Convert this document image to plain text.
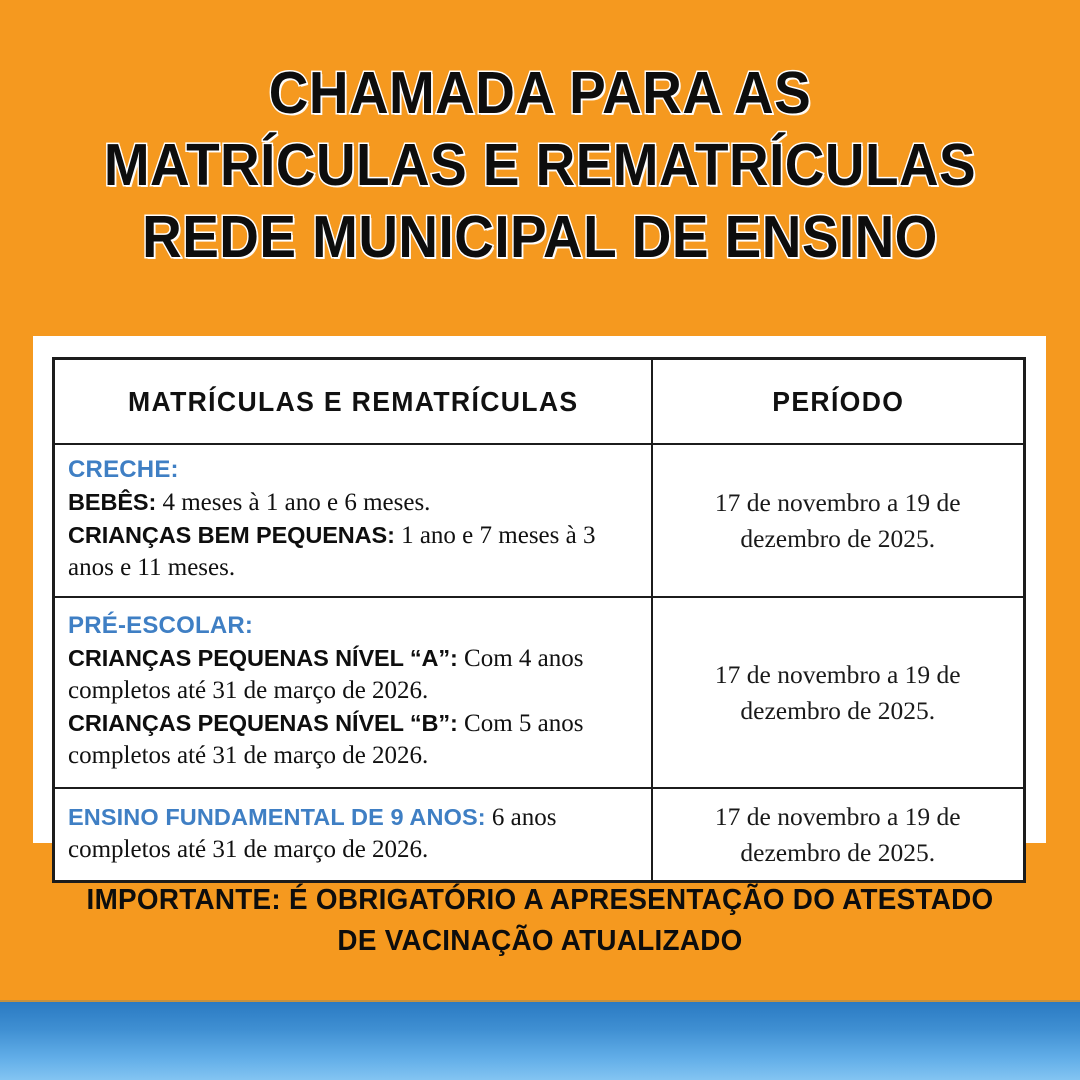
CHAMADA PARA AS
MATRÍCULAS E REMATRÍCULAS
REDE MUNICIPAL DE ENSINO
MATRÍCULAS E REMATRÍCULAS	PERÍODO

CRECHE:

BEBÊS: 4 meses à 1 ano e 6 meses.

CRIANÇAS BEM PEQUENAS: 1 ano e 7 meses à 3 anos e 11 meses.	17 de novembro a 19 de dezembro de 2025.

PRÉ-ESCOLAR:

CRIANÇAS PEQUENAS NÍVEL “A”: Com 4 anos completos até 31 de março de 2026.

CRIANÇAS PEQUENAS NÍVEL “B”: Com 5 anos completos até 31 de março de 2026.	17 de novembro a 19 de dezembro de 2025.

ENSINO FUNDAMENTAL DE 9 ANOS: 6 anos completos até 31 de março de 2026.	17 de novembro a 19 de dezembro de 2025.
IMPORTANTE: É OBRIGATÓRIO A APRESENTAÇÃO DO ATESTADO
DE VACINAÇÃO ATUALIZADO
